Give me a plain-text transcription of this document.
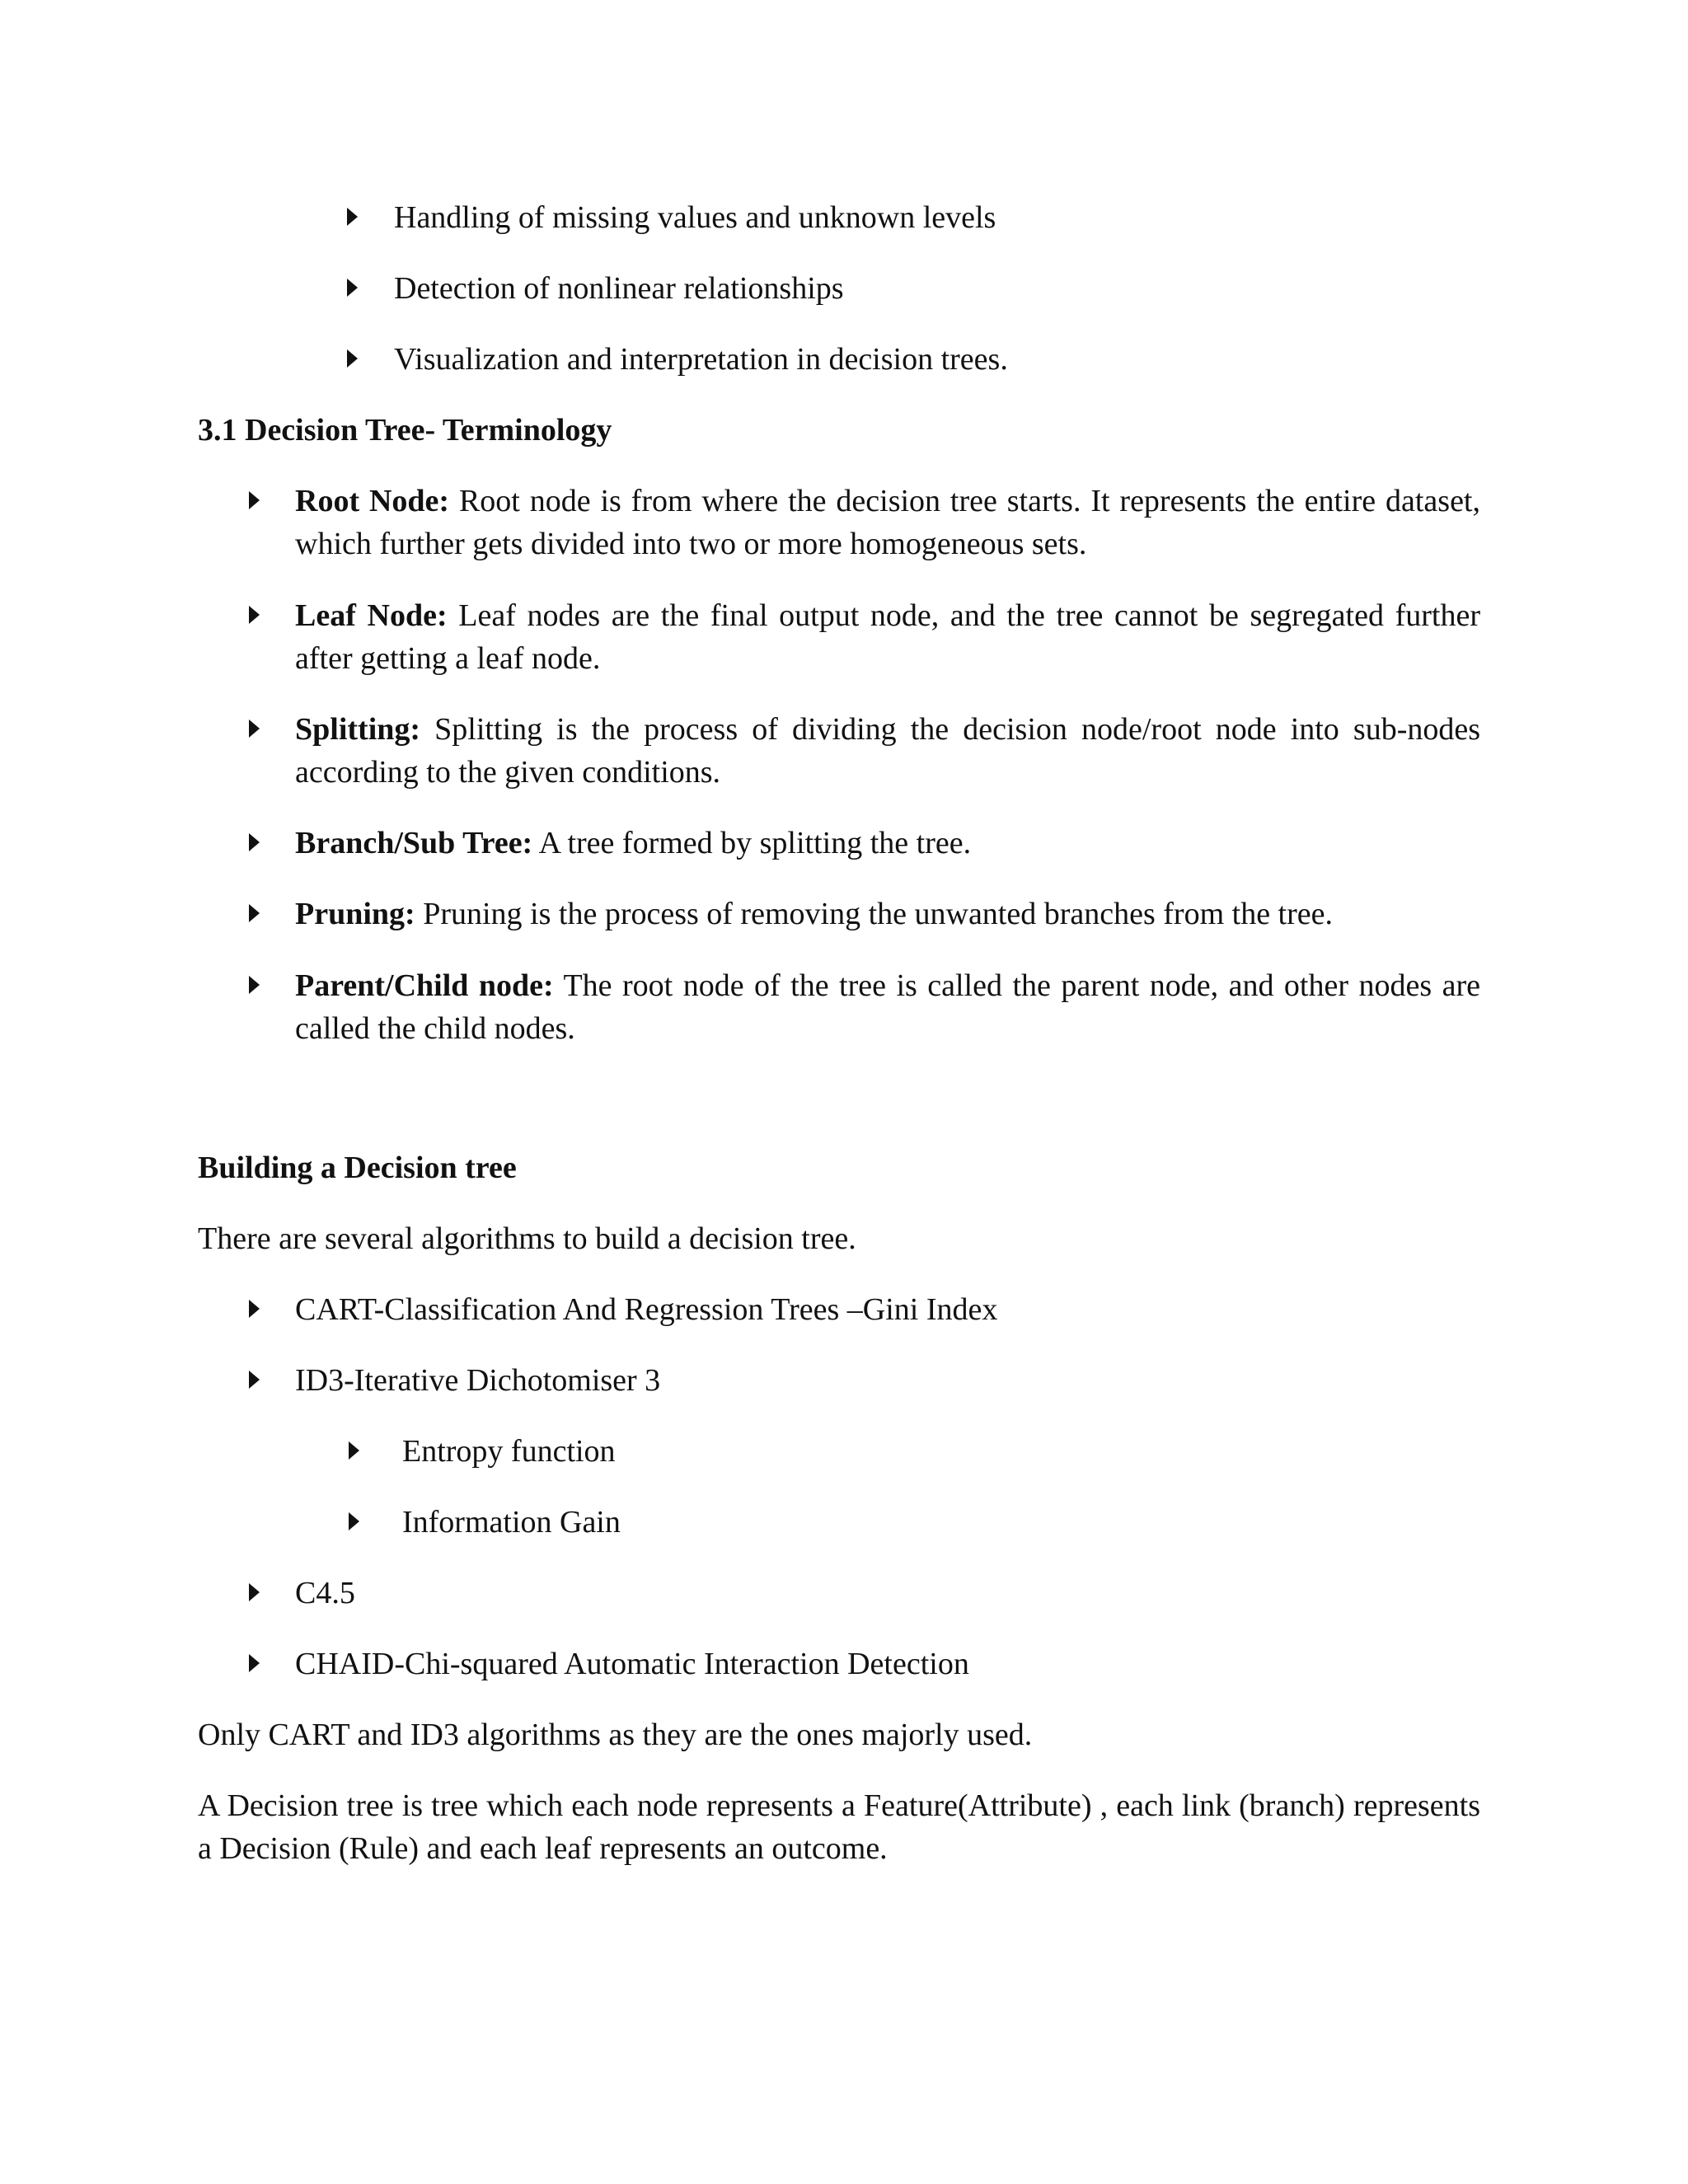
Handling of missing values and unknown levels
Detection of nonlinear relationships
Visualization and interpretation in decision trees.
3.1 Decision Tree- Terminology
Root Node: Root node is from where the decision tree starts. It represents the entire dataset, which further gets divided into two or more homogeneous sets.
Leaf Node: Leaf nodes are the final output node, and the tree cannot be segregated further after getting a leaf node.
Splitting: Splitting is the process of dividing the decision node/root node into sub-nodes according to the given conditions.
Branch/Sub Tree: A tree formed by splitting the tree.
Pruning: Pruning is the process of removing the unwanted branches from the tree.
Parent/Child node: The root node of the tree is called the parent node, and other nodes are called the child nodes.
Building a Decision tree
There are several algorithms to build a decision tree.
CART-Classification And Regression Trees –Gini Index
ID3-Iterative Dichotomiser 3
Entropy function
Information Gain
C4.5
CHAID-Chi-squared Automatic Interaction Detection
Only CART and ID3 algorithms as they are the ones majorly used.
A Decision tree is tree which each node represents a Feature(Attribute) , each link (branch) represents a Decision (Rule) and each leaf represents an outcome.
